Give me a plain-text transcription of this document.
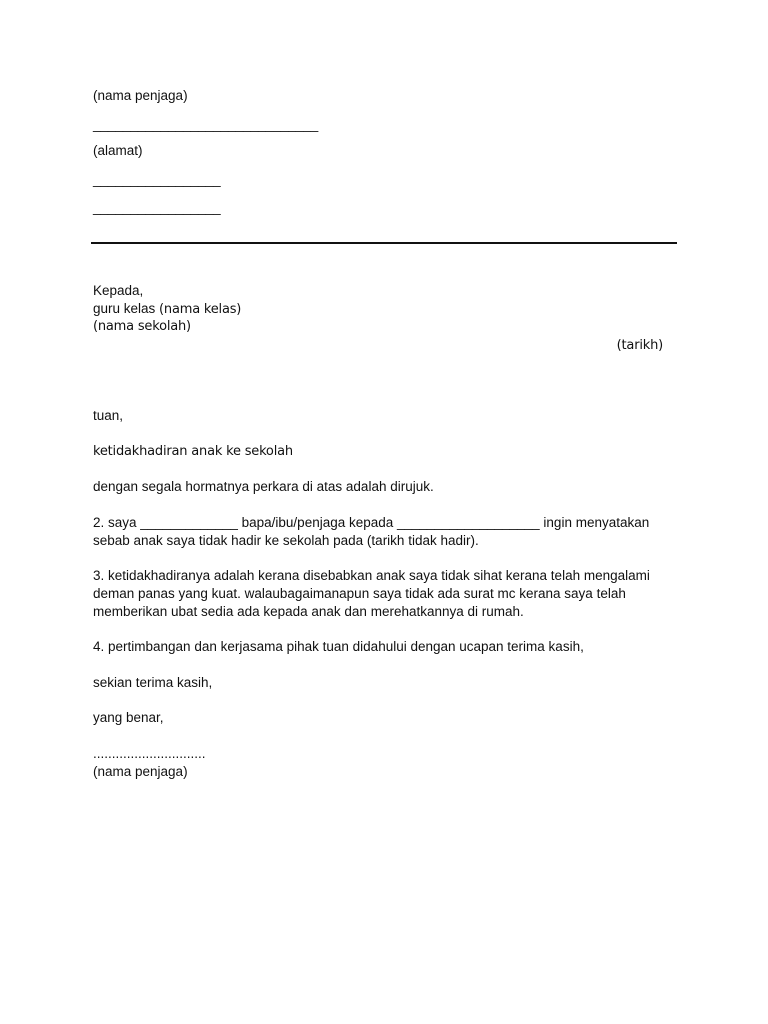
(nama penjaga)
______________________________
(alamat)
_________________
_________________
Kepada,
guru kelas (nama kelas)
(nama sekolah)
(tarikh)
tuan,
ketidakhadiran anak ke sekolah
dengan segala hormatnya perkara di atas adalah dirujuk.
2. saya _____________ bapa/ibu/penjaga kepada ___________________ ingin menyatakan
sebab anak saya tidak hadir ke sekolah pada (tarikh tidak hadir).
3. ketidakhadiranya adalah kerana disebabkan anak saya tidak sihat kerana telah mengalami
deman panas yang kuat. walaubagaimanapun saya tidak ada surat mc kerana saya telah
memberikan ubat sedia ada kepada anak dan merehatkannya di rumah.
4. pertimbangan dan kerjasama pihak tuan didahului dengan ucapan terima kasih,
sekian terima kasih,
yang benar,
..............................
(nama penjaga)
